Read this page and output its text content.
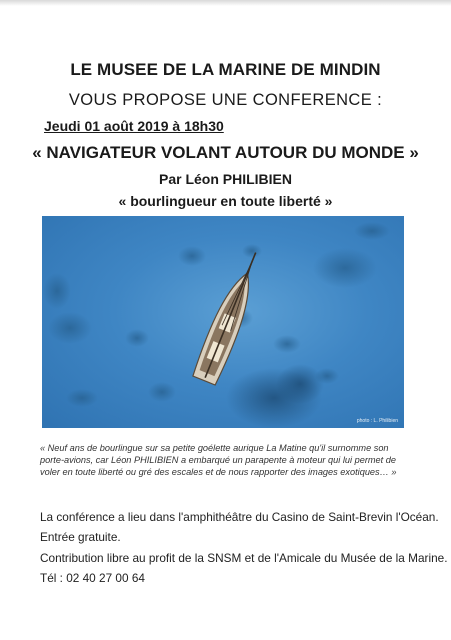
LE MUSEE DE LA MARINE DE MINDIN
VOUS PROPOSE UNE CONFERENCE :
Jeudi 01 août 2019 à 18h30
« NAVIGATEUR VOLANT AUTOUR DU MONDE »
Par Léon PHILIBIEN
« bourlingueur en toute liberté »
photo : L. Philibien
« Neuf ans de bourlingue sur sa petite goélette aurique La Matine qu'il surnomme son porte-avions, car Léon PHILIBIEN a embarqué un parapente à moteur qui lui permet de voler en toute liberté ou gré des escales et de nous rapporter des images exotiques… »
La conférence a lieu dans l'amphithéâtre du Casino de Saint-Brevin l'Océan.
Entrée gratuite.
Contribution libre au profit de la SNSM et de l'Amicale du Musée de la Marine.
Tél : 02 40 27 00 64
